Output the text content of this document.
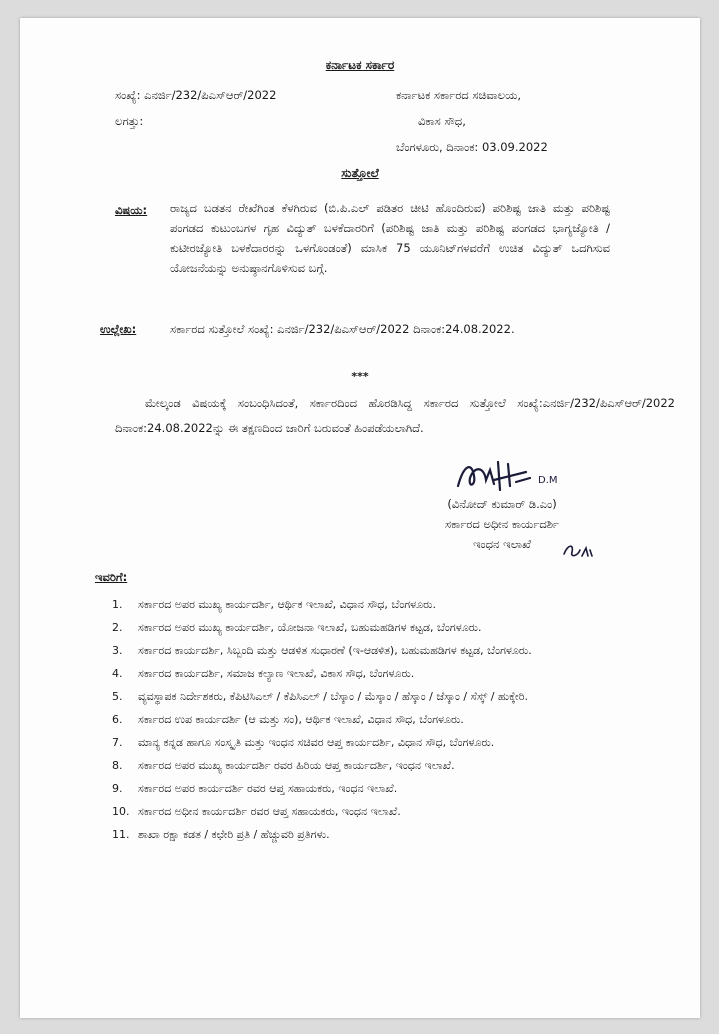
ಕರ್ನಾಟಕ ಸರ್ಕಾರ
ಸಂಖ್ಯೆ: ಎನರ್ಜಿ/232/ಪಿಎಸ್‌ಆರ್/2022
ಲಗತ್ತು:
ಕರ್ನಾಟಕ ಸರ್ಕಾರದ ಸಚಿವಾಲಯ,
ವಿಕಾಸ ಸೌಧ,
ಬೆಂಗಳೂರು, ದಿನಾಂಕ: 03.09.2022
ಸುತ್ತೋಲೆ
ವಿಷಯ: ರಾಜ್ಯದ ಬಡತನ ರೇಖೆಗಿಂತ ಕೆಳಗಿರುವ (ಬಿ.ಪಿ.ಎಲ್ ಪಡಿತರ ಚೀಟಿ ಹೊಂದಿರುವ) ಪರಿಶಿಷ್ಟ ಜಾತಿ ಮತ್ತು ಪರಿಶಿಷ್ಟ ಪಂಗಡದ ಕುಟುಂಬಗಳ ಗೃಹ ವಿದ್ಯುತ್ ಬಳಕೆದಾರರಿಗೆ (ಪರಿಶಿಷ್ಟ ಜಾತಿ ಮತ್ತು ಪರಿಶಿಷ್ಟ ಪಂಗಡದ ಭಾಗ್ಯಜ್ಯೋತಿ / ಕುಟೀರಜ್ಯೋತಿ ಬಳಕೆದಾರರನ್ನು ಒಳಗೊಂಡಂತೆ) ಮಾಸಿಕ 75 ಯೂನಿಟ್‌ಗಳವರೆಗೆ ಉಚಿತ ವಿದ್ಯುತ್ ಒದಗಿಸುವ ಯೋಜನೆಯನ್ನು ಅನುಷ್ಠಾನಗೊಳಿಸುವ ಬಗ್ಗೆ.
ಉಲ್ಲೇಖ:	ಸರ್ಕಾರದ ಸುತ್ತೋಲೆ ಸಂಖ್ಯೆ: ಎನರ್ಜಿ/232/ಪಿಎಸ್‌ಆರ್/2022 ದಿನಾಂಕ:24.08.2022.
***
ಮೇಲ್ಕಂಡ ವಿಷಯಕ್ಕೆ ಸಂಬಂಧಿಸಿದಂತೆ, ಸರ್ಕಾರದಿಂದ ಹೊರಡಿಸಿದ್ದ ಸರ್ಕಾರದ ಸುತ್ತೋಲೆ ಸಂಖ್ಯೆ:ಎನರ್ಜಿ/232/ಪಿಎಸ್‌ಆರ್/2022 ದಿನಾಂಕ:24.08.2022ನ್ನು ಈ ತಕ್ಷಣದಿಂದ ಜಾರಿಗೆ ಬರುವಂತೆ ಹಿಂಪಡೆಯಲಾಗಿದೆ.
D.M
(ವಿನೋದ್ ಕುಮಾರ್ ಡಿ.ಎಂ)
ಸರ್ಕಾರದ ಅಧೀನ ಕಾರ್ಯದರ್ಶಿ
ಇಂಧನ ಇಲಾಖೆ
ಇವರಿಗೆ:
1.	ಸರ್ಕಾರದ ಅಪರ ಮುಖ್ಯ ಕಾರ್ಯದರ್ಶಿ, ಆರ್ಥಿಕ ಇಲಾಖೆ, ವಿಧಾನ ಸೌಧ, ಬೆಂಗಳೂರು.
2.	ಸರ್ಕಾರದ ಅಪರ ಮುಖ್ಯ ಕಾರ್ಯದರ್ಶಿ, ಯೋಜನಾ ಇಲಾಖೆ, ಬಹುಮಹಡಿಗಳ ಕಟ್ಟಡ, ಬೆಂಗಳೂರು.
3.	ಸರ್ಕಾರದ ಕಾರ್ಯದರ್ಶಿ, ಸಿಬ್ಬಂದಿ ಮತ್ತು ಆಡಳಿತ ಸುಧಾರಣೆ (ಇ-ಆಡಳಿತ), ಬಹುಮಹಡಿಗಳ ಕಟ್ಟಡ, ಬೆಂಗಳೂರು.
4.	ಸರ್ಕಾರದ ಕಾರ್ಯದರ್ಶಿ, ಸಮಾಜ ಕಲ್ಯಾಣ ಇಲಾಖೆ, ವಿಕಾಸ ಸೌಧ, ಬೆಂಗಳೂರು.
5.	ವ್ಯವಸ್ಥಾಪಕ ನಿರ್ದೇಶಕರು, ಕೆಪಿಟಿಸಿಎಲ್ / ಕೆಪಿಸಿಎಲ್ / ಬೆಸ್ಕಾಂ / ಮೆಸ್ಕಾಂ / ಹೆಸ್ಕಾಂ / ಜೆಸ್ಕಾಂ / ಸೆಸ್ಕ್ / ಹುಕ್ಕೇರಿ.
6.	ಸರ್ಕಾರದ ಉಪ ಕಾರ್ಯದರ್ಶಿ (ಆ ಮತ್ತು ಸಂ), ಆರ್ಥಿಕ ಇಲಾಖೆ, ವಿಧಾನ ಸೌಧ, ಬೆಂಗಳೂರು.
7.	ಮಾನ್ಯ ಕನ್ನಡ ಹಾಗೂ ಸಂಸ್ಕೃತಿ ಮತ್ತು ಇಂಧನ ಸಚಿವರ ಆಪ್ತ ಕಾರ್ಯದರ್ಶಿ, ವಿಧಾನ ಸೌಧ, ಬೆಂಗಳೂರು.
8.	ಸರ್ಕಾರದ ಅಪರ ಮುಖ್ಯ ಕಾರ್ಯದರ್ಶಿ ರವರ ಹಿರಿಯ ಆಪ್ತ ಕಾರ್ಯದರ್ಶಿ, ಇಂಧನ ಇಲಾಖೆ.
9.	ಸರ್ಕಾರದ ಅಪರ ಕಾರ್ಯದರ್ಶಿ ರವರ ಆಪ್ತ ಸಹಾಯಕರು, ಇಂಧನ ಇಲಾಖೆ.
10. ಸರ್ಕಾರದ ಅಧೀನ ಕಾರ್ಯದರ್ಶಿ ರವರ ಆಪ್ತ ಸಹಾಯಕರು, ಇಂಧನ ಇಲಾಖೆ.
11. ಶಾಖಾ ರಕ್ಷಾ ಕಡತ / ಕಛೇರಿ ಪ್ರತಿ / ಹೆಚ್ಚುವರಿ ಪ್ರತಿಗಳು.
